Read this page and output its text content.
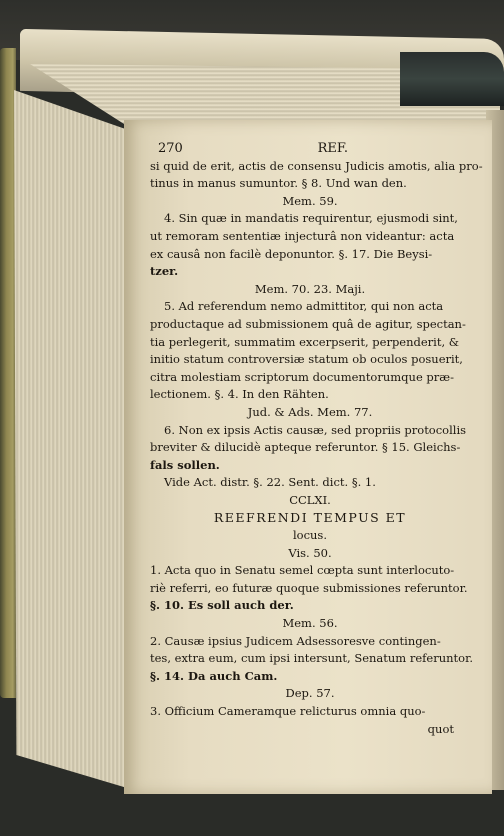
270	REF.
si quid de erit, actis de consensu Judicis amotis, alia pro-
tinus in manus sumuntor. § 8. Und wan den.
Mem. 59.
4. Sin quæ in mandatis requirentur, ejusmodi sint,
ut remoram sententiæ injecturâ non videantur: acta
ex causâ non facilè deponuntor. §. 17. Die Beysi-
tzer.
Mem. 70. 23. Maji.
5. Ad referendum nemo admittitor, qui non acta
productaque ad submissionem quâ de agitur, spectan-
tia perlegerit, summatim excerpserit, perpenderit, &
initio statum controversiæ statum ob oculos posuerit,
citra molestiam scriptorum documentorumque præ-
lectionem. §. 4. In den Rähten.
Jud. & Ads. Mem. 77.
6. Non ex ipsis Actis causæ, sed propriis protocollis
breviter & dilucidè apteque referuntor. § 15. Gleichs-
fals sollen.
Vide Act. distr. §. 22. Sent. dict. §. 1.
CCLXI.
REEFRENDI TEMPUS ET
locus.
Vis. 50.
1. Acta quo in Senatu semel cœpta sunt interlocuto-
riè referri, eo futuræ quoque submissiones referuntor.
§. 10. Es soll auch der.
Mem. 56.
2. Causæ ipsius Judicem Adsessoresve contingen-
tes, extra eum, cum ipsi intersunt, Senatum referuntor.
§. 14. Da auch Cam.
Dep. 57.
3. Officium Cameramque relicturus omnia quo-
quot
